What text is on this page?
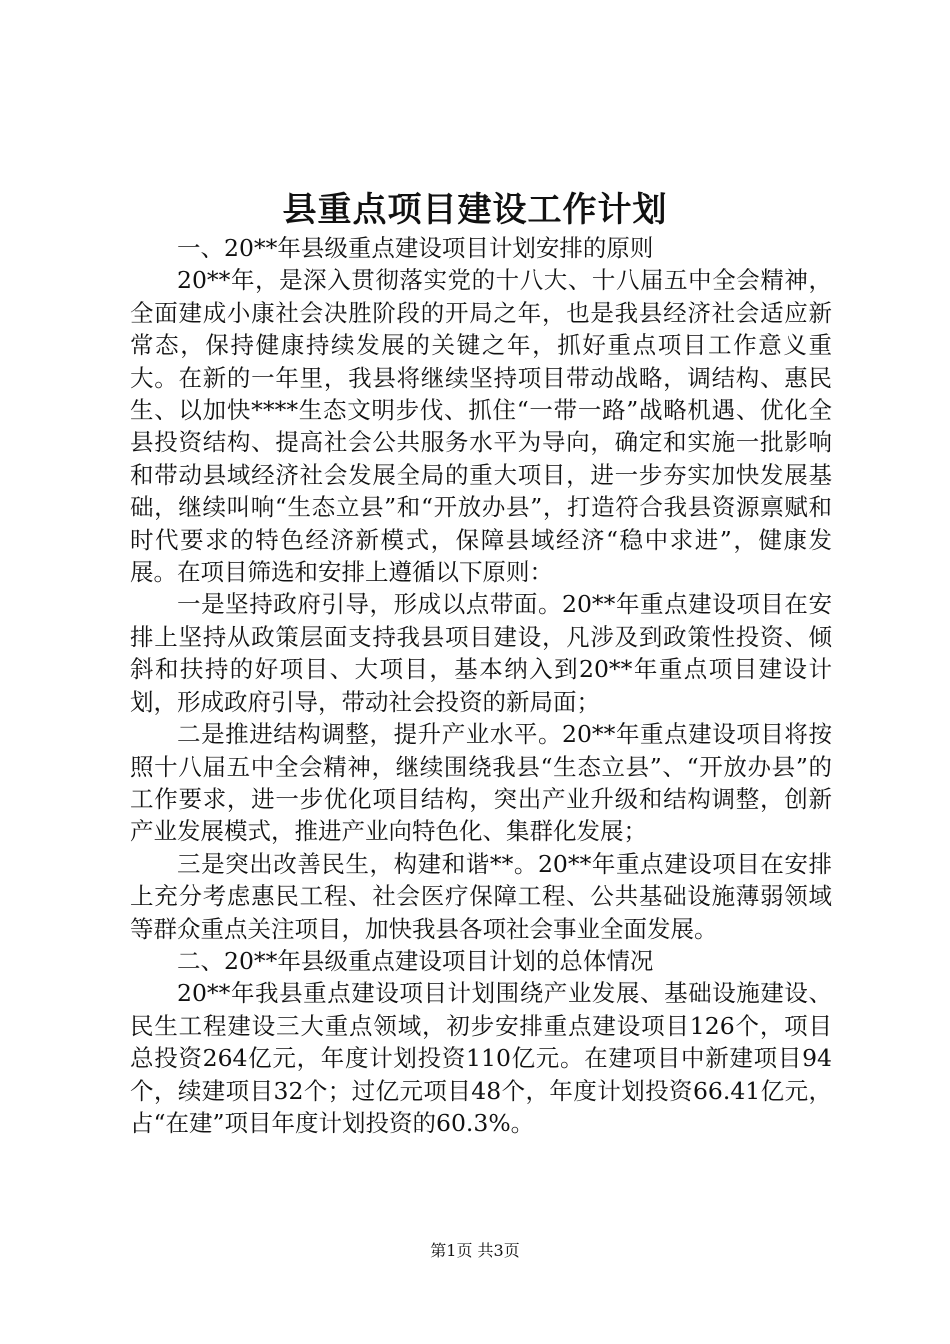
县重点项目建设工作计划

一、20**年县级重点建设项目计划安排的原则

20**年，是深入贯彻落实党的十八大、十八届五中全会精神，全面建成小康社会决胜阶段的开局之年，也是我县经济社会适应新常态，保持健康持续发展的关键之年，抓好重点项目工作意义重大。在新的一年里，我县将继续坚持项目带动战略，调结构、惠民生、以加快****生态文明步伐、抓住“一带一路”战略机遇、优化全县投资结构、提高社会公共服务水平为导向，确定和实施一批影响和带动县域经济社会发展全局的重大项目，进一步夯实加快发展基础，继续叫响“生态立县”和“开放办县”，打造符合我县资源禀赋和时代要求的特色经济新模式，保障县域经济“稳中求进”，健康发展。在项目筛选和安排上遵循以下原则：

一是坚持政府引导，形成以点带面。20**年重点建设项目在安排上坚持从政策层面支持我县项目建设，凡涉及到政策性投资、倾斜和扶持的好项目、大项目，基本纳入到20**年重点项目建设计划，形成政府引导，带动社会投资的新局面；

二是推进结构调整，提升产业水平。20**年重点建设项目将按照十八届五中全会精神，继续围绕我县“生态立县”、“开放办县”的工作要求，进一步优化项目结构，突出产业升级和结构调整，创新产业发展模式，推进产业向特色化、集群化发展；

三是突出改善民生，构建和谐**。20**年重点建设项目在安排上充分考虑惠民工程、社会医疗保障工程、公共基础设施薄弱领域等群众重点关注项目，加快我县各项社会事业全面发展。

二、20**年县级重点建设项目计划的总体情况

20**年我县重点建设项目计划围绕产业发展、基础设施建设、民生工程建设三大重点领域，初步安排重点建设项目126个，项目总投资264亿元，年度计划投资110亿元。在建项目中新建项目94个，续建项目32个；过亿元项目48个，年度计划投资66.41亿元，占“在建”项目年度计划投资的60.3%。

第1页 共3页
